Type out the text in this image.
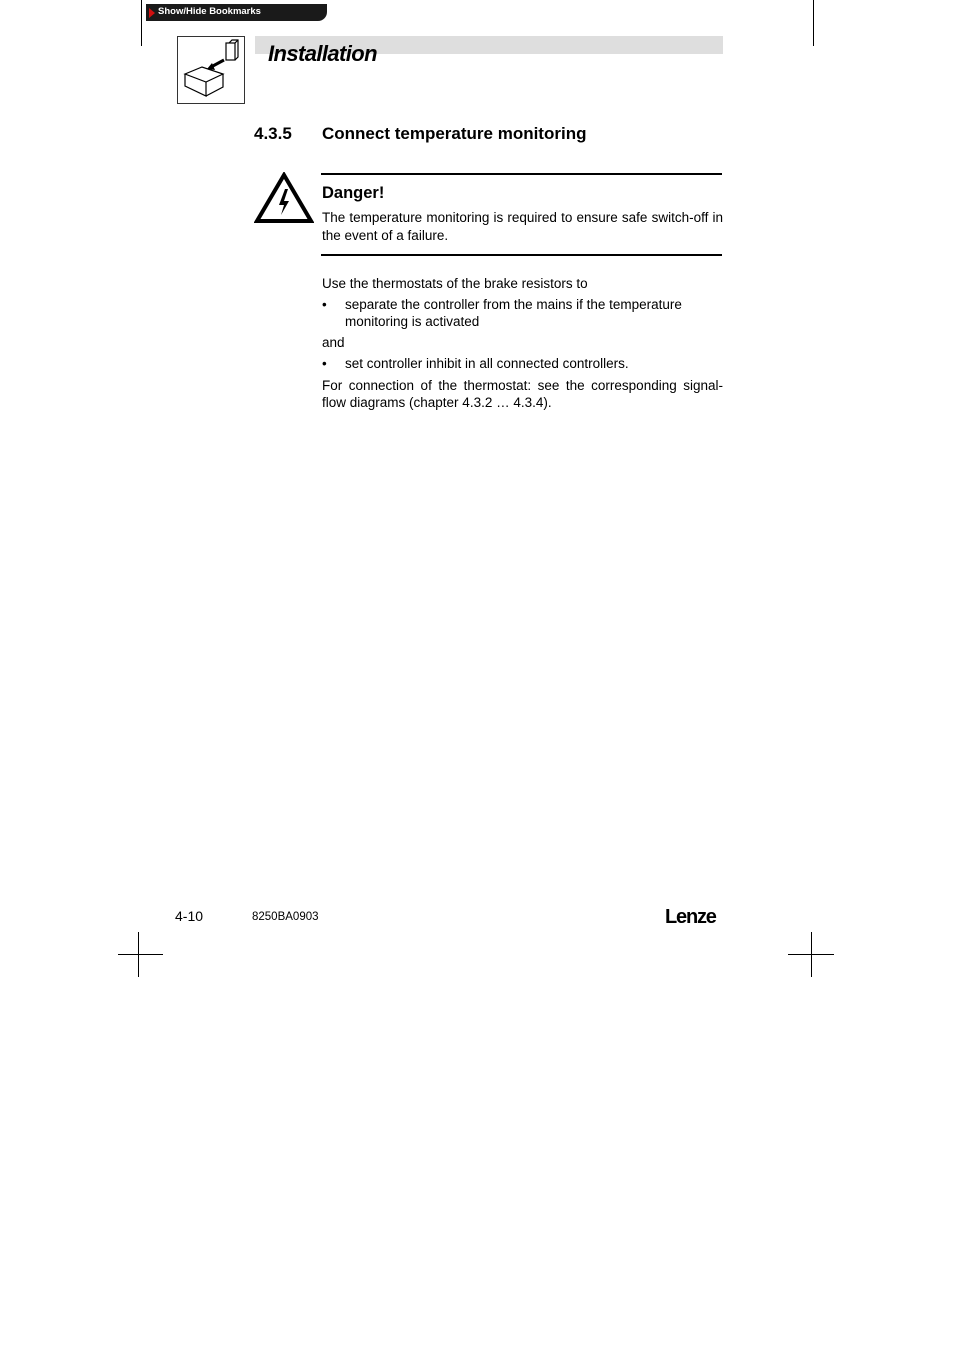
Show/Hide Bookmarks
Installation
4.3.5 Connect temperature monitoring
Danger!
The temperature monitoring is required to ensure safe switch-off in the event of a failure.
Use the thermostats of the brake resistors to
• separate the controller from the mains if the temperature monitoring is activated
and
• set controller inhibit in all connected controllers.
For connection of the thermostat: see the corresponding signal-flow diagrams (chapter 4.3.2 … 4.3.4).
4-10	8250BA0903	Lenze
